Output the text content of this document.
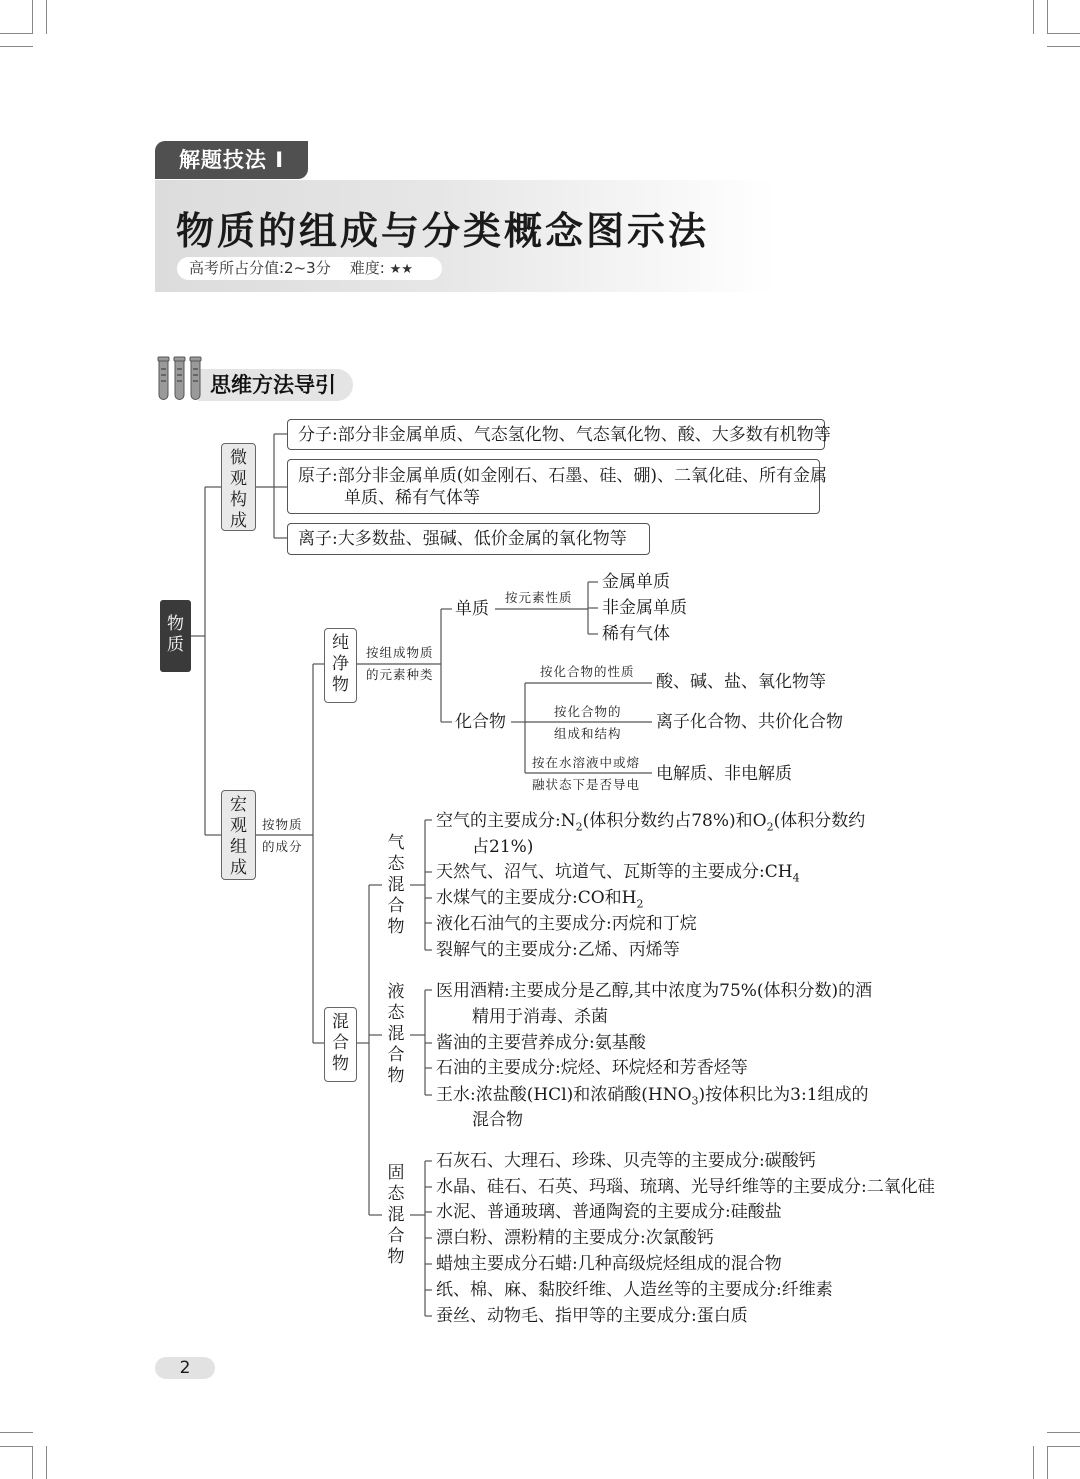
解题技法 I
物质的组成与分类概念图示法
高考所占分值:2~3分 难度: ★★
思维方法导引
物质
微观构成
分子:部分非金属单质、气态氢化物、气态氧化物、酸、大多数有机物等
原子:部分非金属单质(如金刚石、石墨、硅、硼)、二氧化硅、所有金属
单质、稀有气体等
离子:大多数盐、强碱、低价金属的氧化物等
宏观组成
按物质
的成分
纯净物
按组成物质
的元素种类
单质
按元素性质
金属单质
非金属单质
稀有气体
化合物
按化合物的性质
酸、碱、盐、氧化物等
按化合物的
组成和结构
离子化合物、共价化合物
按在水溶液中或熔
融状态下是否导电
电解质、非电解质
混合物
气态混合物
空气的主要成分$:N_2$(体积分数约占78%)和$O_2$(体积分数约
占21%)
天然气、沼气、坑道气、瓦斯等的主要成分$:CH_4$
水煤气的主要成分:CO和$H_2$
液化石油气的主要成分:丙烷和丁烷
裂解气的主要成分:乙烯、丙烯等
液态混合物
医用酒精:主要成分是乙醇,其中浓度为75%(体积分数)的酒
精用于消毒、杀菌
酱油的主要营养成分:氨基酸
石油的主要成分:烷烃、环烷烃和芳香烃等
王水:浓盐酸(HCl)和浓硝酸$(HNO_3)$按体积比为3:1组成的
混合物
固态混合物
石灰石、大理石、珍珠、贝壳等的主要成分:碳酸钙
水晶、硅石、石英、玛瑙、琉璃、光导纤维等的主要成分:二氧化硅
水泥、普通玻璃、普通陶瓷的主要成分:硅酸盐
漂白粉、漂粉精的主要成分:次氯酸钙
蜡烛主要成分石蜡:几种高级烷烃组成的混合物
纸、棉、麻、黏胶纤维、人造丝等的主要成分:纤维素
蚕丝、动物毛、指甲等的主要成分:蛋白质
2
